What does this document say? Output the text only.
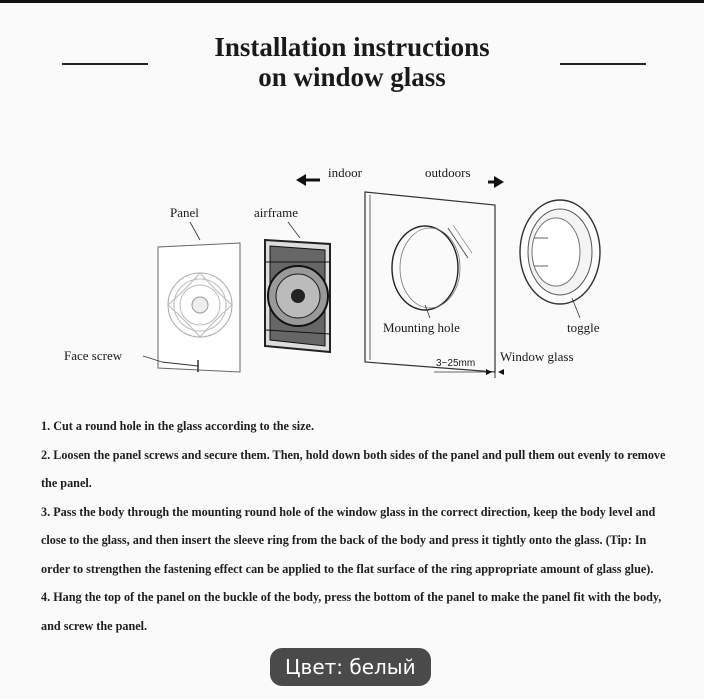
Installation instructions
on window glass
indoor	outdoors
Panel	airframe
Mounting hole	toggle
Face screw
3~25mm Window glass

1. Cut a round hole in the glass according to the size.

2. Loosen the panel screws and secure them. Then, hold down both sides of the panel and pull them out evenly to remove the panel.

3. Pass the body through the mounting round hole of the window glass in the correct direction, keep the body level and close to the glass, and then insert the sleeve ring from the back of the body and press it tightly onto the glass. (Tip: In order to strengthen the fastening effect can be applied to the flat surface of the ring appropriate amount of glass glue).

4. Hang the top of the panel on the buckle of the body, press the bottom of the panel to make the panel fit with the body, and screw the panel.

Цвет: белый
